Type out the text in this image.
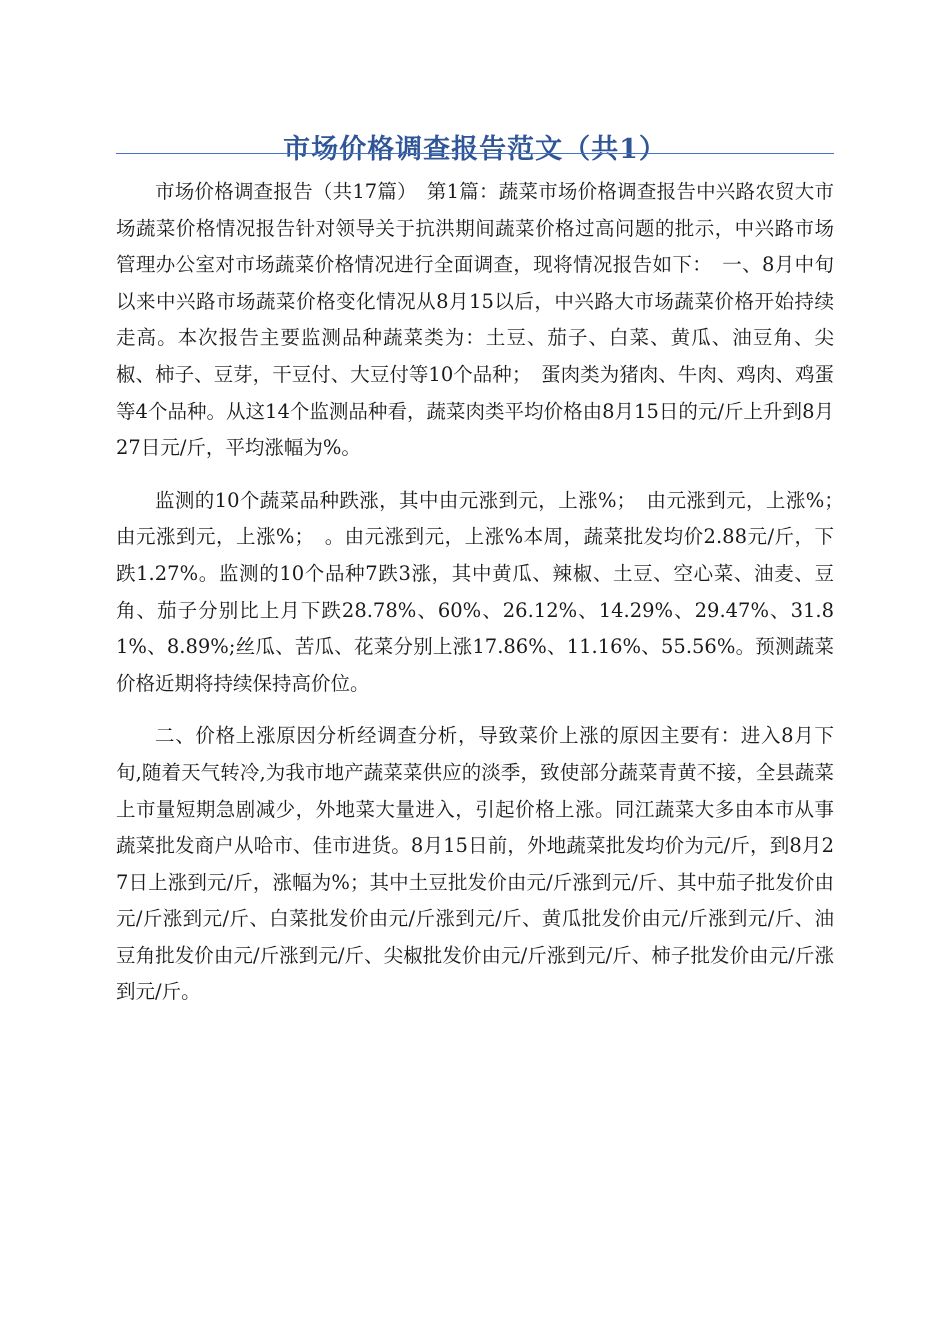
市场价格调查报告范文（共1）

市场价格调查报告（共17篇）　第1篇：蔬菜市场价格调查报告中兴路农贸大市场蔬菜价格情况报告针对领导关于抗洪期间蔬菜价格过高问题的批示，中兴路市场管理办公室对市场蔬菜价格情况进行全面调查，现将情况报告如下：　一、8月中旬以来中兴路市场蔬菜价格变化情况从8月15以后，中兴路大市场蔬菜价格开始持续走高。本次报告主要监测品种蔬菜类为：土豆、茄子、白菜、黄瓜、油豆角、尖椒、柿子、豆芽，干豆付、大豆付等10个品种；　蛋肉类为猪肉、牛肉、鸡肉、鸡蛋等4个品种。从这14个监测品种看，蔬菜肉类平均价格由8月15日的元/斤上升到8月27日元/斤，平均涨幅为%。

监测的10个蔬菜品种跌涨，其中由元涨到元，上涨%；　由元涨到元，上涨%；　由元涨到元，上涨%；　。由元涨到元，上涨%本周，蔬菜批发均价2.88元/斤，下跌1.27%。监测的10个品种7跌3涨，其中黄瓜、辣椒、土豆、空心菜、油麦、豆角、茄子分别比上月下跌28.78%、60%、26.12%、14.29%、29.47%、31.81%、8.89%;丝瓜、苦瓜、花菜分别上涨17.86%、11.16%、55.56%。预测蔬菜价格近期将持续保持高价位。

二、价格上涨原因分析经调查分析，导致菜价上涨的原因主要有：进入8月下旬,随着天气转冷,为我市地产蔬菜菜供应的淡季，致使部分蔬菜青黄不接，全县蔬菜上市量短期急剧减少，外地菜大量进入，引起价格上涨。同江蔬菜大多由本市从事蔬菜批发商户从哈市、佳市进货。8月15日前，外地蔬菜批发均价为元/斤，到8月27日上涨到元/斤，涨幅为%；其中土豆批发价由元/斤涨到元/斤、其中茄子批发价由元/斤涨到元/斤、白菜批发价由元/斤涨到元/斤、黄瓜批发价由元/斤涨到元/斤、油豆角批发价由元/斤涨到元/斤、尖椒批发价由元/斤涨到元/斤、柿子批发价由元/斤涨到元/斤。
